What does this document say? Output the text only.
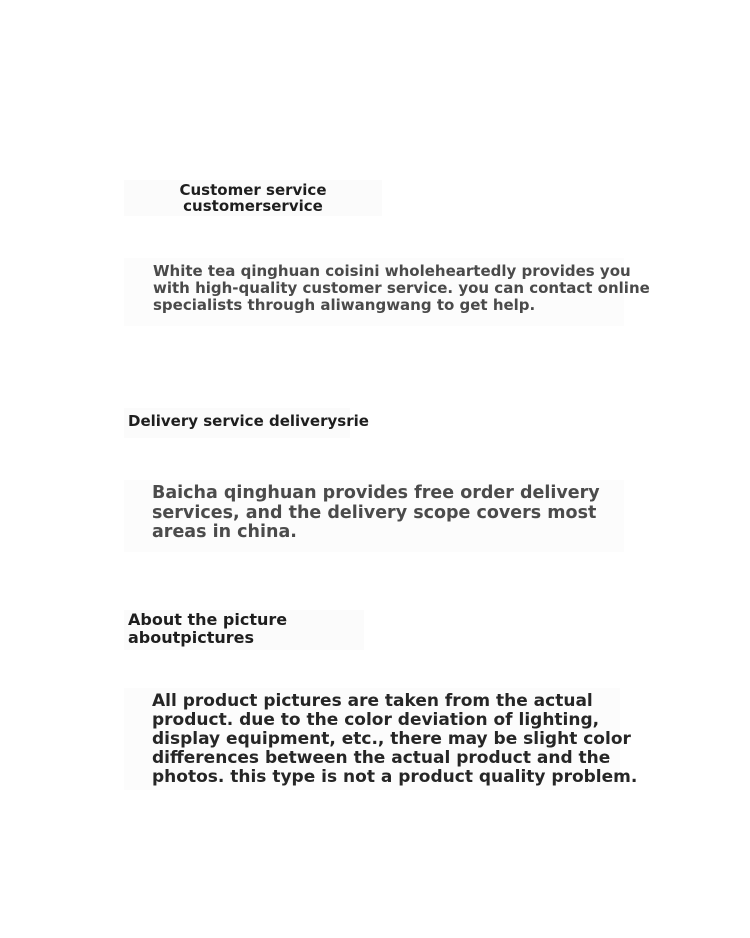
Customer service
customerservice
White tea qinghuan coisini wholeheartedly provides you
with high-quality customer service. you can contact online
specialists through aliwangwang to get help.
Delivery service deliverysrie
Baicha qinghuan provides free order delivery
services, and the delivery scope covers most
areas in china.
About the picture
aboutpictures
All product pictures are taken from the actual
product. due to the color deviation of lighting,
display equipment, etc., there may be slight color
differences between the actual product and the
photos. this type is not a product quality problem.
